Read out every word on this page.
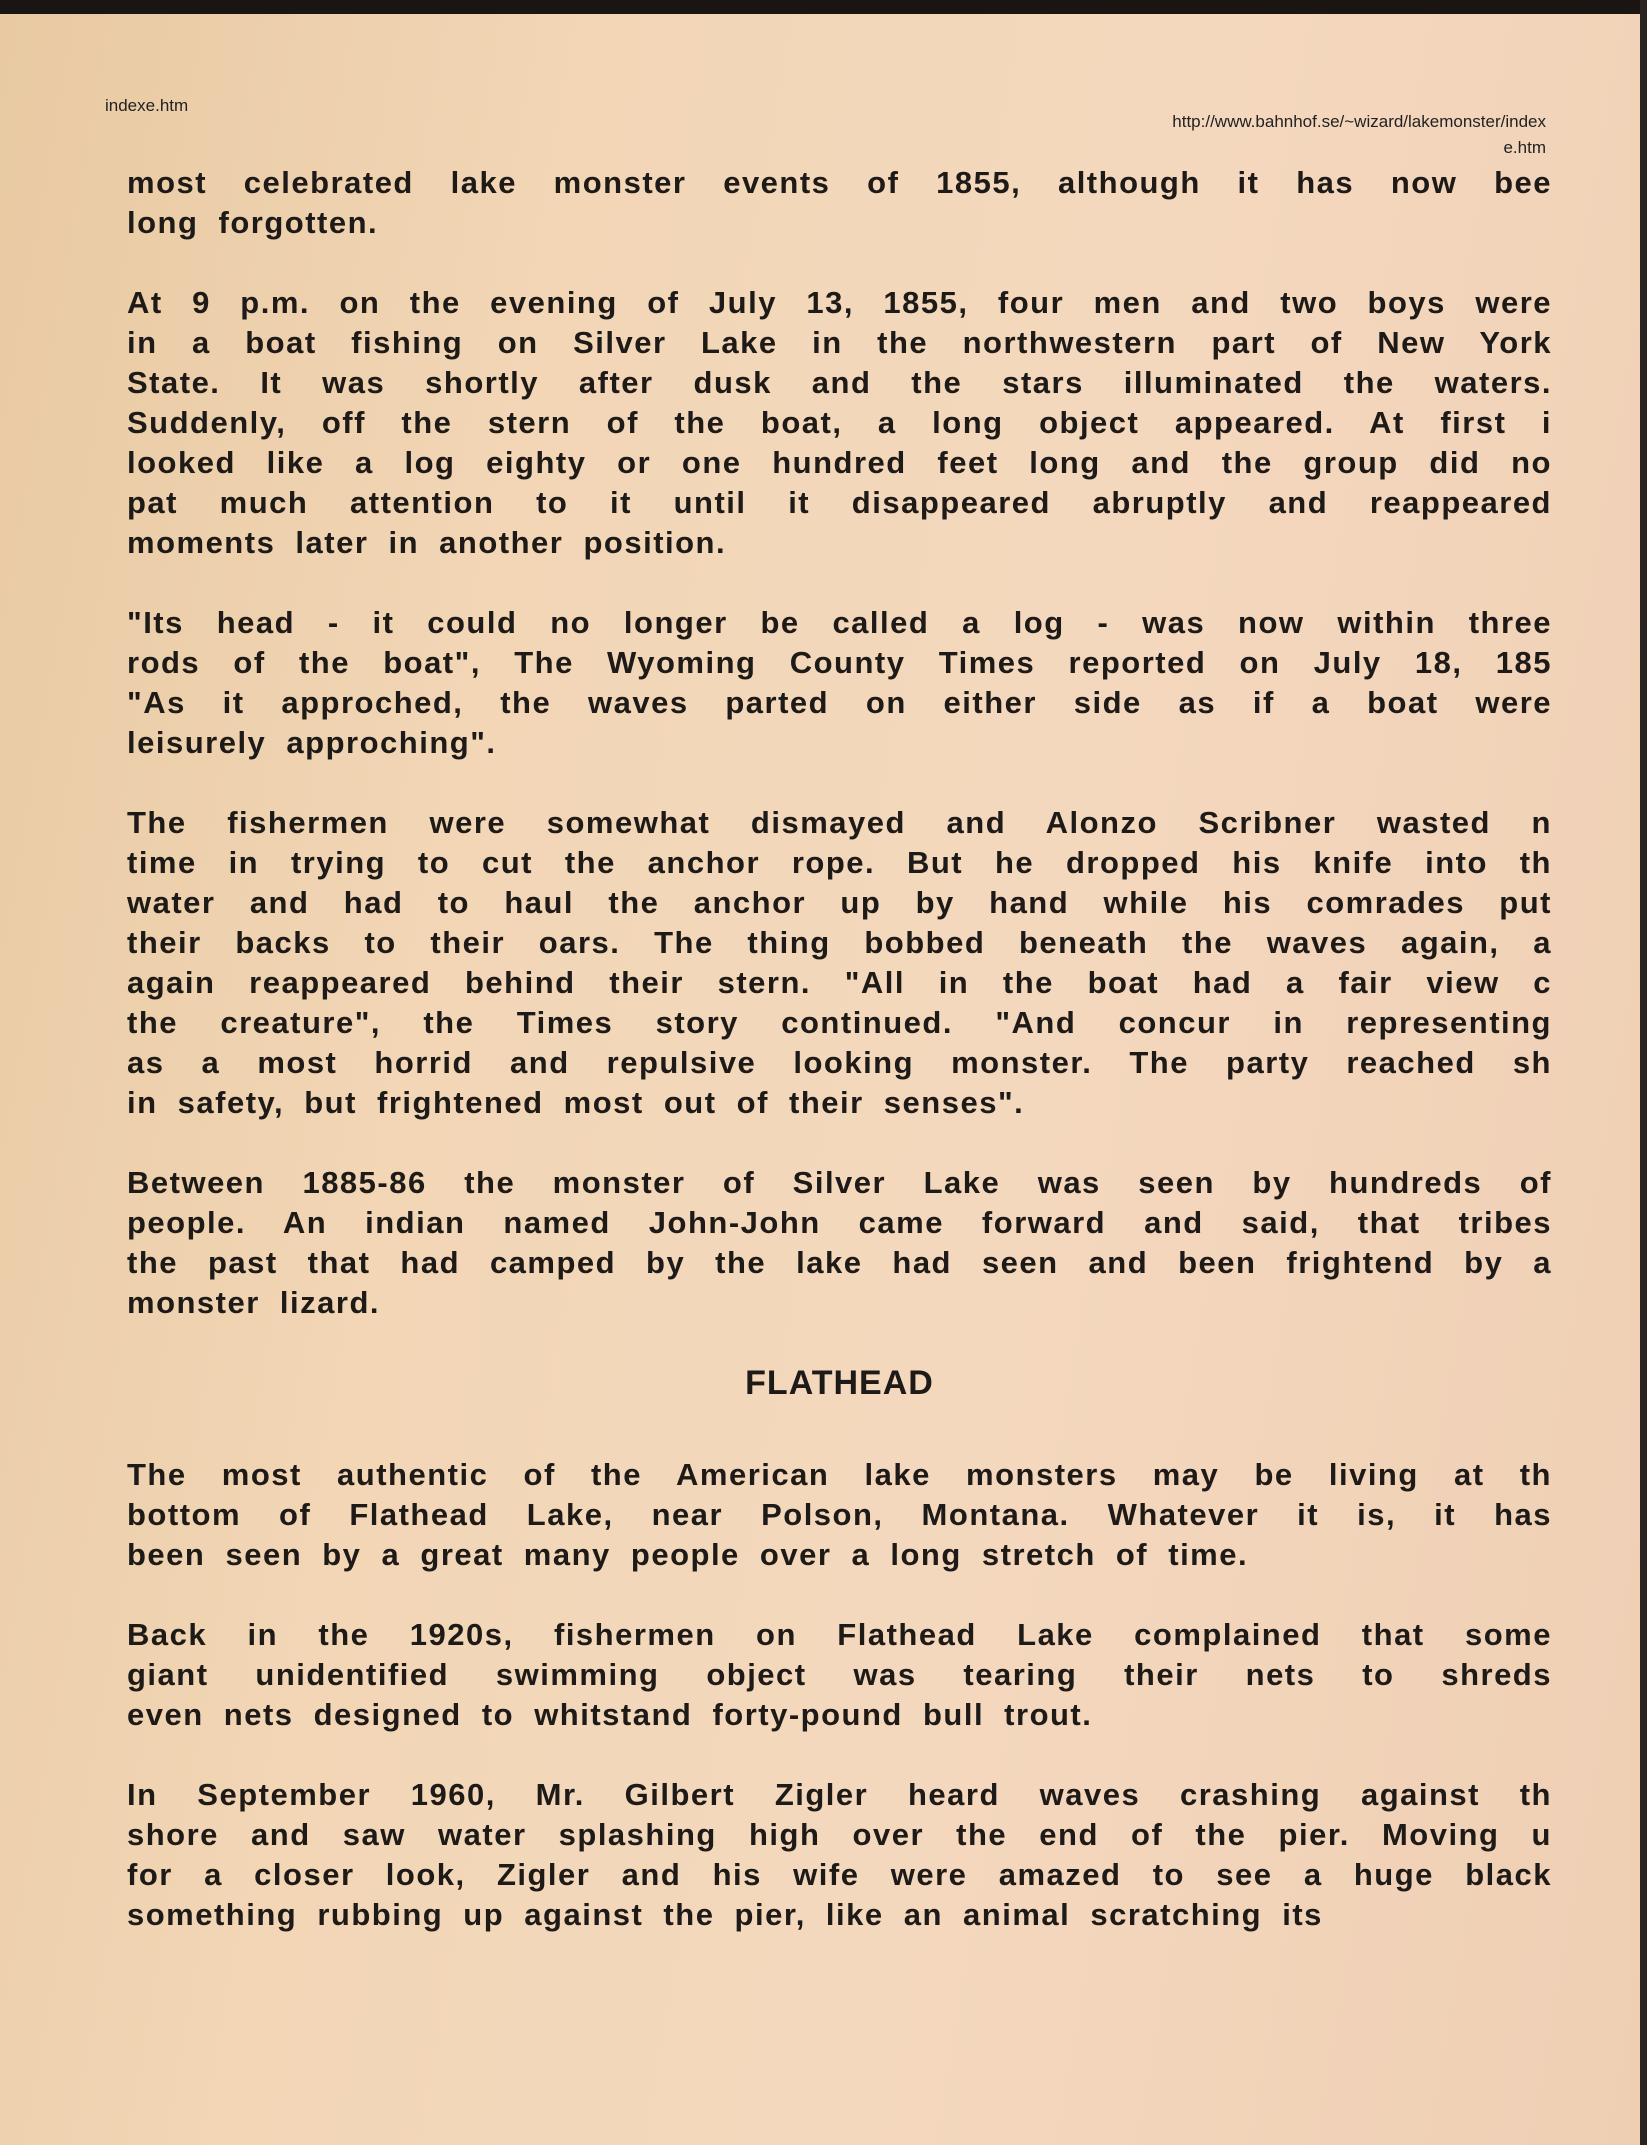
indexe.htm
http://www.bahnhof.se/~wizard/lakemonster/index
e.htm
most celebrated lake monster events of 1855, although it has now bee
long forgotten.
At 9 p.m. on the evening of July 13, 1855, four men and two boys were
in a boat fishing on Silver Lake in the northwestern part of New York
State. It was shortly after dusk and the stars illuminated the waters.
Suddenly, off the stern of the boat, a long object appeared. At first i
looked like a log eighty or one hundred feet long and the group did no
pat much attention to it until it disappeared abruptly and reappeared
moments later in another position.
"Its head - it could no longer be called a log - was now within three
rods of the boat", The Wyoming County Times reported on July 18, 185
"As it approched, the waves parted on either side as if a boat were
leisurely approching".
The fishermen were somewhat dismayed and Alonzo Scribner wasted n
time in trying to cut the anchor rope. But he dropped his knife into th
water and had to haul the anchor up by hand while his comrades put
their backs to their oars. The thing bobbed beneath the waves again, a
again reappeared behind their stern. "All in the boat had a fair view c
the creature", the Times story continued. "And concur in representing
as a most horrid and repulsive looking monster. The party reached sh
in safety, but frightened most out of their senses".
Between 1885-86 the monster of Silver Lake was seen by hundreds of
people. An indian named John-John came forward and said, that tribes
the past that had camped by the lake had seen and been frightend by a
monster lizard.
FLATHEAD
The most authentic of the American lake monsters may be living at th
bottom of Flathead Lake, near Polson, Montana. Whatever it is, it has
been seen by a great many people over a long stretch of time.
Back in the 1920s, fishermen on Flathead Lake complained that some
giant unidentified swimming object was tearing their nets to shreds
even nets designed to whitstand forty-pound bull trout.
In September 1960, Mr. Gilbert Zigler heard waves crashing against th
shore and saw water splashing high over the end of the pier. Moving u
for a closer look, Zigler and his wife were amazed to see a huge black
something rubbing up against the pier, like an animal scratching its
